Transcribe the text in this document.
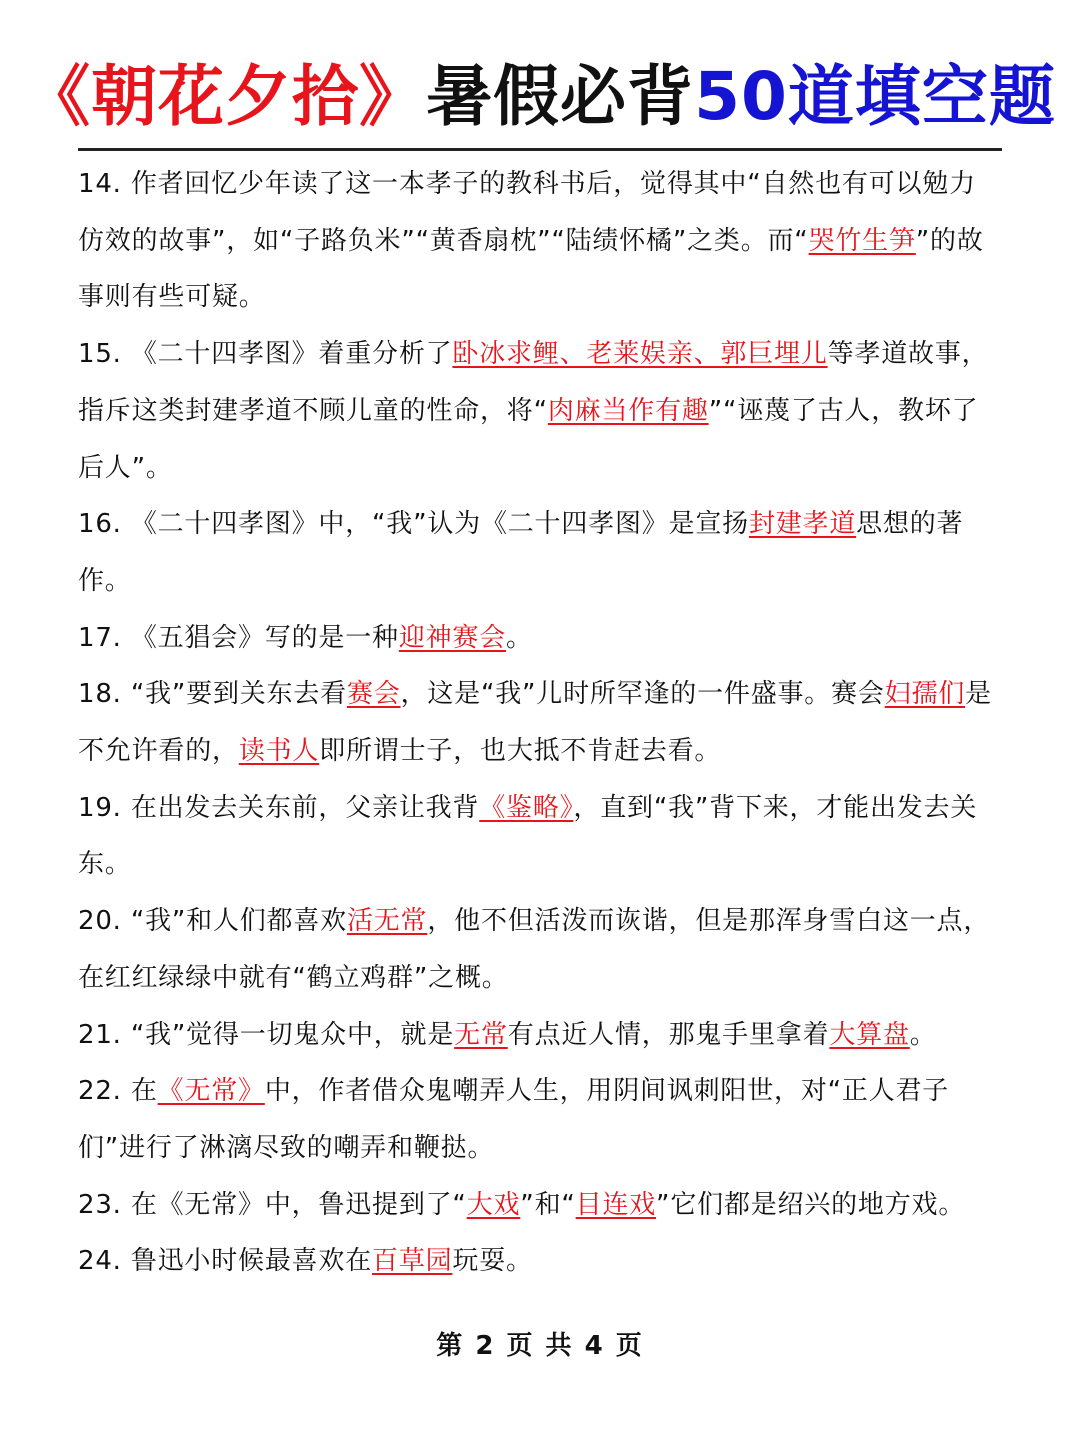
《朝花夕拾》暑假必背50道填空题

14. 作者回忆少年读了这一本孝子的教科书后，觉得其中“自然也有可以勉力仿效的故事”，如“子路负米”“黄香扇枕”“陆绩怀橘”之类。而“哭竹生笋”的故事则有些可疑。

15. 《二十四孝图》着重分析了卧冰求鲤、老莱娱亲、郭巨埋儿等孝道故事，指斥这类封建孝道不顾儿童的性命，将“肉麻当作有趣”“诬蔑了古人，教坏了后人”。

16. 《二十四孝图》中，“我”认为《二十四孝图》是宣扬封建孝道思想的著作。

17. 《五猖会》写的是一种迎神赛会。

18. “我”要到关东去看赛会，这是“我”儿时所罕逢的一件盛事。赛会妇孺们是不允许看的，读书人即所谓士子，也大抵不肯赶去看。

19. 在出发去关东前，父亲让我背《鉴略》，直到“我”背下来，才能出发去关东。

20. “我”和人们都喜欢活无常，他不但活泼而诙谐，但是那浑身雪白这一点，在红红绿绿中就有“鹤立鸡群”之概。

21. “我”觉得一切鬼众中，就是无常有点近人情，那鬼手里拿着大算盘。

22. 在《无常》中，作者借众鬼嘲弄人生，用阴间讽刺阳世，对“正人君子们”进行了淋漓尽致的嘲弄和鞭挞。

23. 在《无常》中，鲁迅提到了“大戏”和“目连戏”它们都是绍兴的地方戏。

24. 鲁迅小时候最喜欢在百草园玩耍。

第 2 页 共 4 页
